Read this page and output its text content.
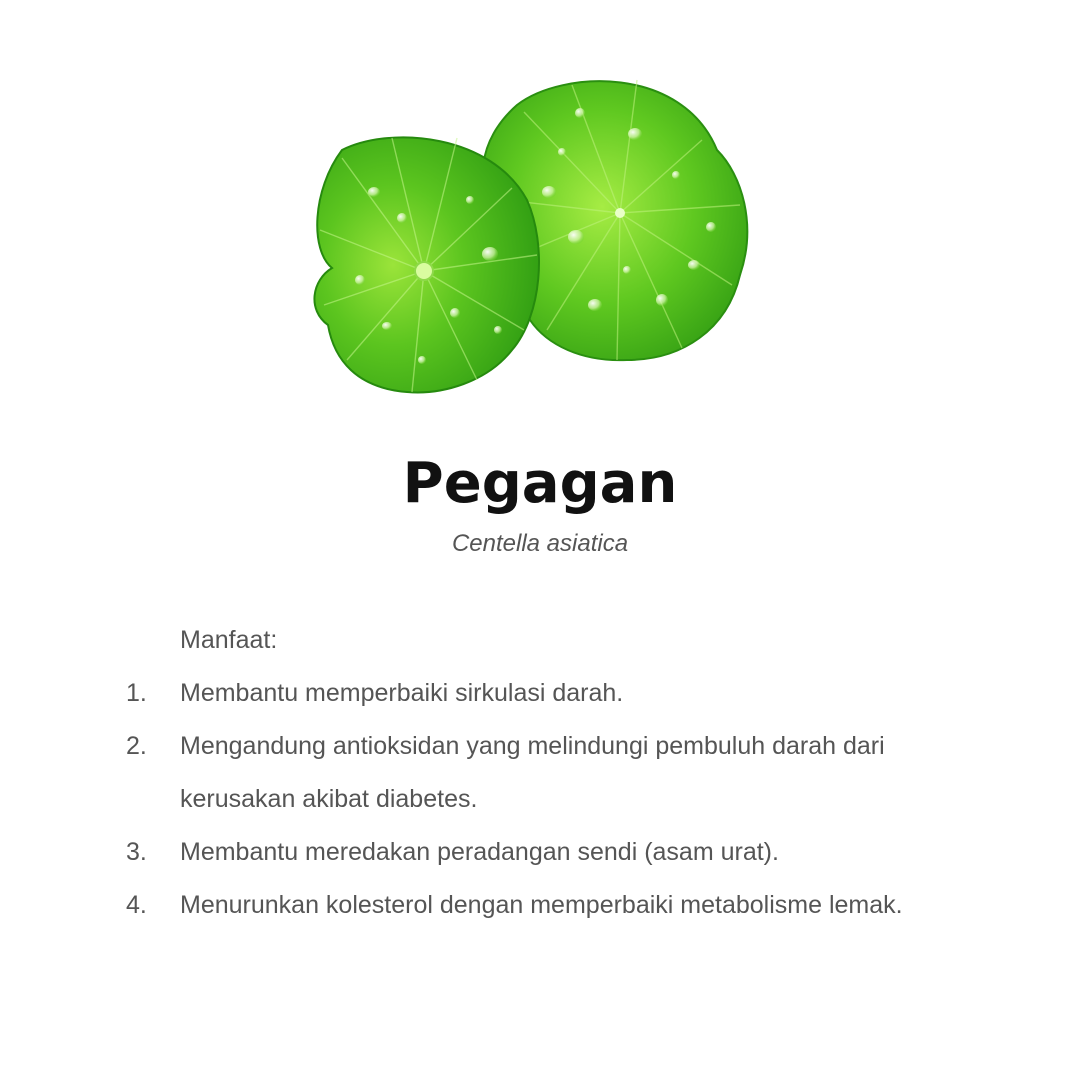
Pegagan
Centella asiatica

Manfaat:

1.	Membantu memperbaiki sirkulasi darah.
2.	Mengandung antioksidan yang melindungi pembuluh darah dari kerusakan akibat diabetes.
3.	Membantu meredakan peradangan sendi (asam urat).
4.	Menurunkan kolesterol dengan memperbaiki metabolisme lemak.
